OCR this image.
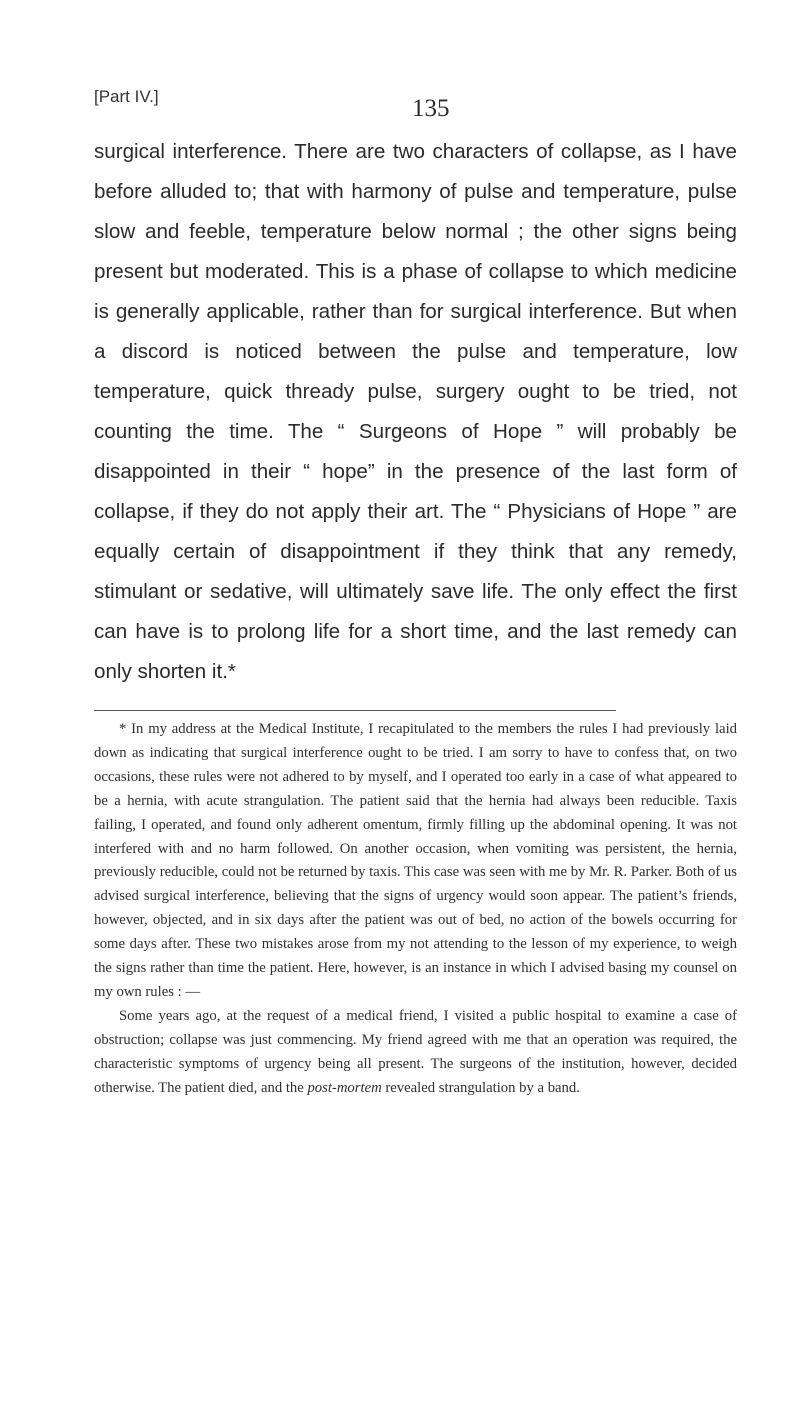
[Part IV.]	135

surgical interference. There are two characters of collapse, as I have before alluded to; that with harmony of pulse and temperature, pulse slow and feeble, temperature below normal ; the other signs being present but moderated. This is a phase of collapse to which medicine is generally applicable, rather than for surgical interference. But when a discord is noticed between the pulse and temperature, low temperature, quick thready pulse, surgery ought to be tried, not counting the time. The “ Surgeons of Hope ” will probably be disappointed in their “ hope” in the presence of the last form of collapse, if they do not apply their art. The “ Physicians of Hope ” are equally certain of disappointment if they think that any remedy, stimulant or sedative, will ultimately save life. The only effect the first can have is to prolong life for a short time, and the last remedy can only shorten it.*

* In my address at the Medical Institute, I recapitulated to the members the rules I had previously laid down as indicating that surgical interference ought to be tried. I am sorry to have to confess that, on two occasions, these rules were not adhered to by myself, and I operated too early in a case of what appeared to be a hernia, with acute strangulation. The patient said that the hernia had always been reducible. Taxis failing, I operated, and found only adherent omentum, firmly filling up the abdominal opening. It was not interfered with and no harm followed. On another occasion, when vomiting was persistent, the hernia, previously reducible, could not be returned by taxis. This case was seen with me by Mr. R. Parker. Both of us advised surgical interference, believing that the signs of urgency would soon appear. The patient’s friends, however, objected, and in six days after the patient was out of bed, no action of the bowels occurring for some days after. These two mistakes arose from my not attending to the lesson of my experience, to weigh the signs rather than time the patient. Here, however, is an instance in which I advised basing my counsel on my own rules : —

Some years ago, at the request of a medical friend, I visited a public hospital to examine a case of obstruction; collapse was just commencing. My friend agreed with me that an operation was required, the characteristic symptoms of urgency being all present. The surgeons of the institution, however, decided otherwise. The patient died, and the post-mortem revealed strangulation by a band.
